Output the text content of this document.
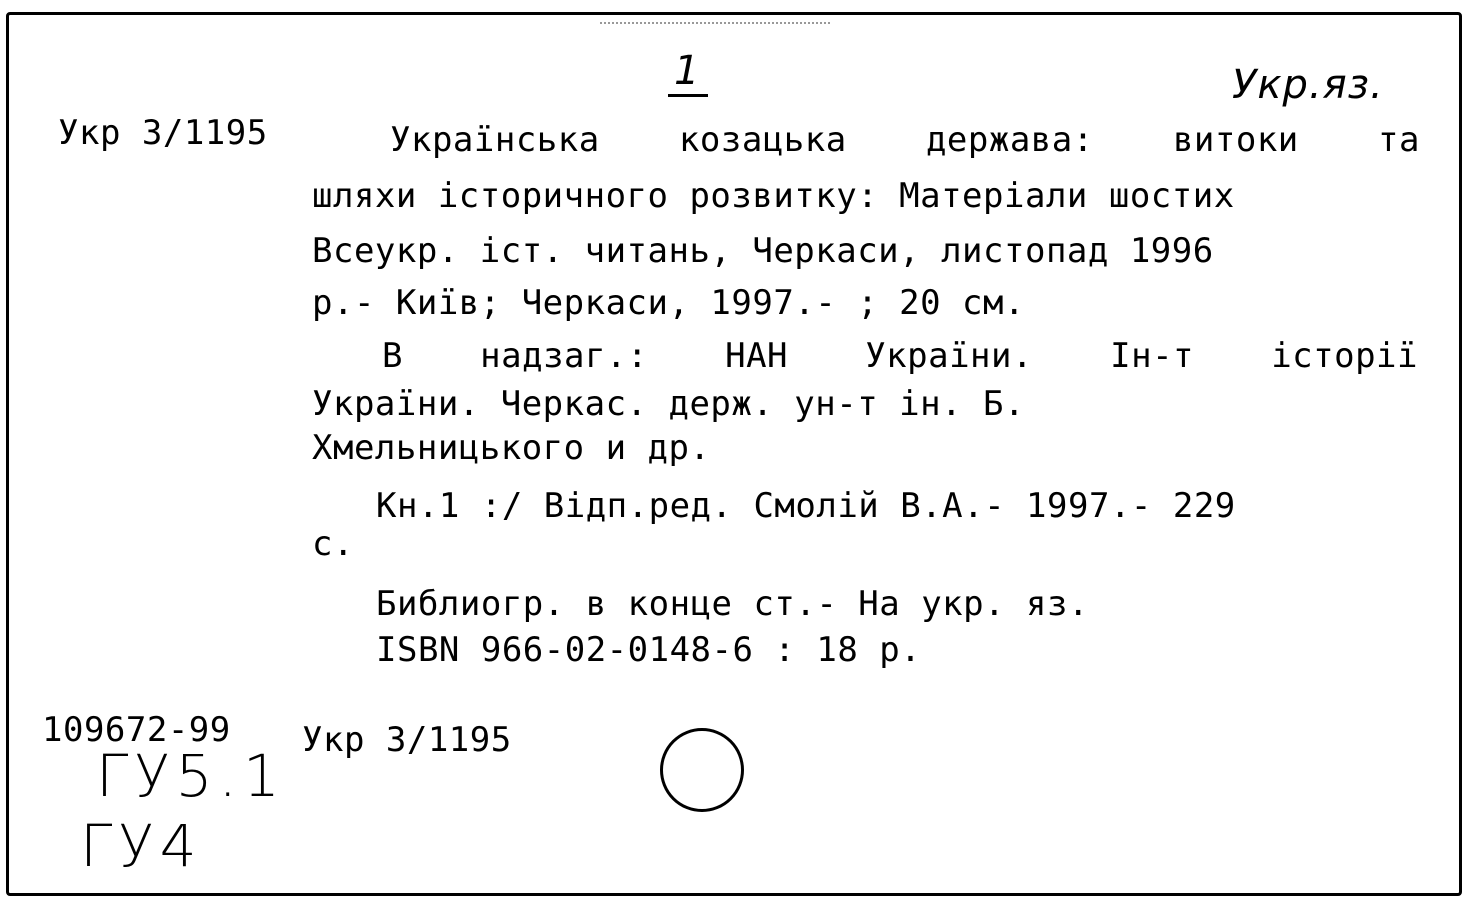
1	Укр.яз.
Укр 3/1195	Українська козацька держава: витоки та
шляхи історичного розвитку: Матеріали шостих
Всеукр. іст. читань, Черкаси, листопад 1996
р.- Київ; Черкаси, 1997.- ; 20 см.
В надзаг.: НАН України. Ін-т історії
України. Черкас. держ. ун-т ін. Б.
Хмельницького и др.
Кн.1 :/ Відп.ред. Смолій В.А.- 1997.- 229
с.
Библиогр. в конце ст.- На укр. яз.
ISBN 966-02-0148-6 : 18 р.
109672-99 Укр 3/1195
ГУ5.1
ГУ4
